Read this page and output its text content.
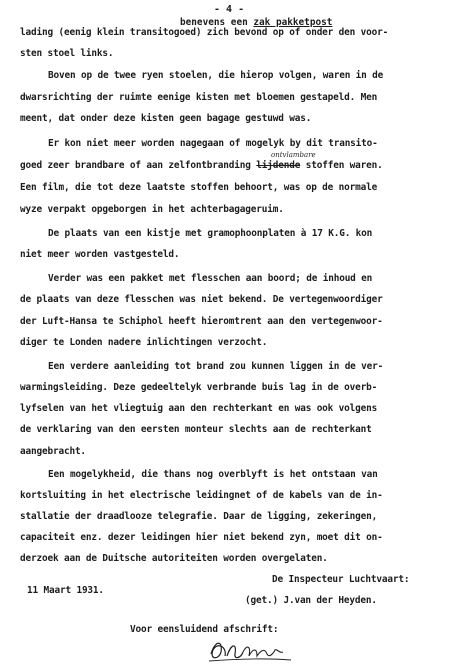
- 4 -
benevens een zak pakketpost
lading (eenig klein transitogoed) zich bevond op of onder den voor-
sten stoel links.
Boven op de twee ryen stoelen, die hierop volgen, waren in de
dwarsrichting der ruimte eenige kisten met bloemen gestapeld. Men
meent, dat onder deze kisten geen bagage gestuwd was.
Er kon niet meer worden nagegaan of mogelyk by dit transito-
ontvlambare
goed zeer brandbare of aan zelfontbranding lijdende stoffen waren.
Een film, die tot deze laatste stoffen behoort, was op de normale
wyze verpakt opgeborgen in het achterbagageruim.
De plaats van een kistje met gramophoonplaten à 17 K.G. kon
niet meer worden vastgesteld.
Verder was een pakket met flesschen aan boord; de inhoud en
de plaats van deze flesschen was niet bekend. De vertegenwoordiger
der Luft-Hansa te Schiphol heeft hieromtrent aan den vertegenwoor-
diger te Londen nadere inlichtingen verzocht.
Een verdere aanleiding tot brand zou kunnen liggen in de ver-
warmingsleiding. Deze gedeeltelyk verbrande buis lag in de overb-
lyfselen van het vliegtuig aan den rechterkant en was ook volgens
de verklaring van den eersten monteur slechts aan de rechterkant
aangebracht.
Een mogelykheid, die thans nog overblyft is het ontstaan van
kortsluiting in het electrische leidingnet of de kabels van de in-
stallatie der draadlooze telegrafie. Daar de ligging, zekeringen,
capaciteit enz. dezer leidingen hier niet bekend zyn, moet dit on-
derzoek aan de Duitsche autoriteiten worden overgelaten.
11 Maart 1931.
De Inspecteur Luchtvaart:
(get.) J.van der Heyden.
Voor eensluidend afschrift:
